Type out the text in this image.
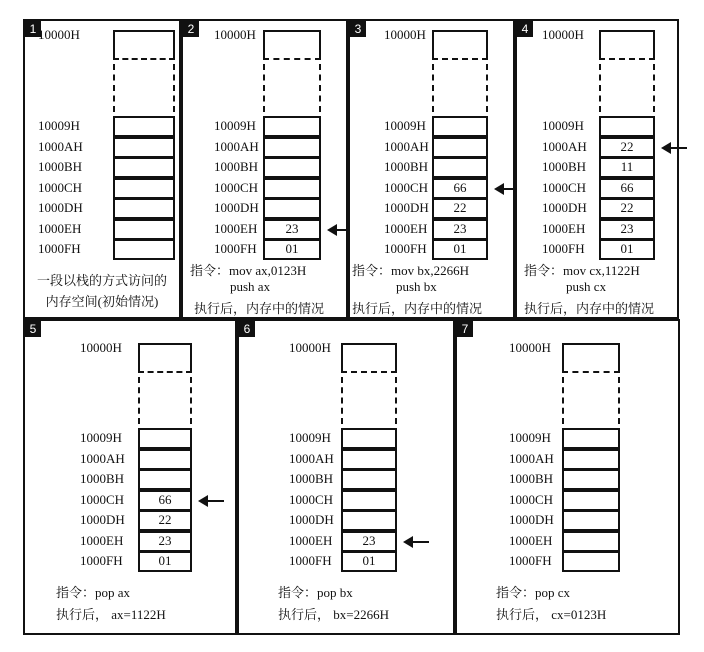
1 10000H
10009H
1000AH
1000BH
1000CH
1000DH
1000EH
1000FH
一段以栈的方式访问的
内存空间(初始情况)
2	10000H
10009H
1000AH
1000BH
1000CH
1000DH
1000EH	23
1000FH	01
指令：mov ax,0123H
push ax
执行后，内存中的情况
3	10000H
10009H
1000AH
1000BH
1000CH	66
1000DH	22
1000EH	23
1000FH	01
指令：mov bx,2266H
push bx
执行后，内存中的情况
4	10000H
10009H
1000AH	22
1000BH	11
1000CH	66
1000DH	22
1000EH	23
1000FH	01
指令：mov cx,1122H
push cx
执行后，内存中的情况
5
10000H
10009H
1000AH
1000BH
1000CH	66
1000DH	22
1000EH	23
1000FH	01
指令：pop ax
执行后， ax=1122H
6
10000H
10009H
1000AH
1000BH
1000CH
1000DH
1000EH	23
1000FH	01
指令：pop bx
执行后， bx=2266H
7
10000H
10009H
1000AH
1000BH
1000CH
1000DH
1000EH
1000FH
指令：pop cx
执行后， cx=0123H
